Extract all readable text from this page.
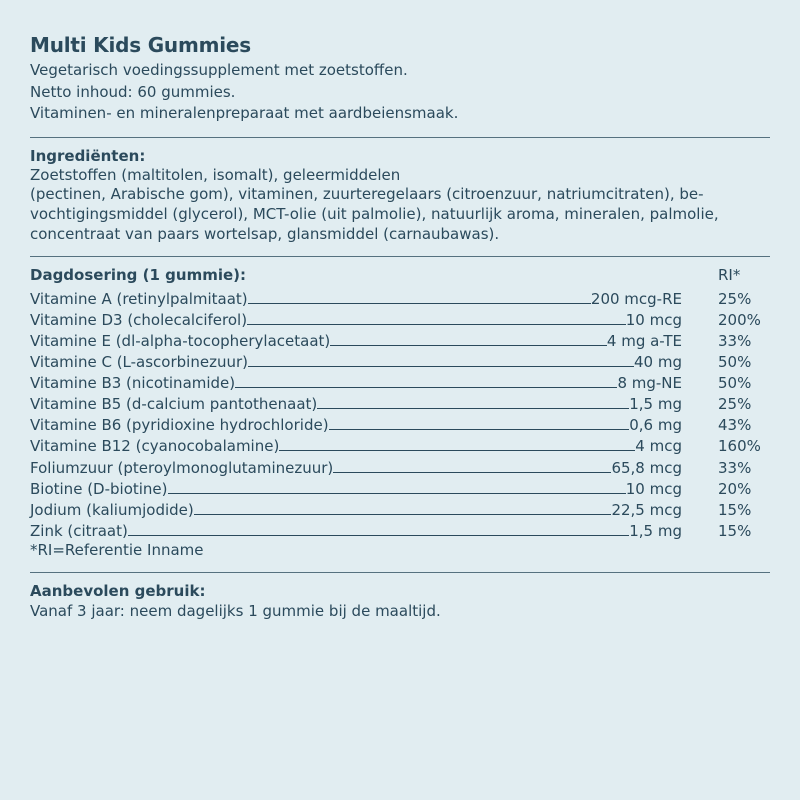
Multi Kids Gummies
Vegetarisch voedingssupplement met zoetstoffen.
Netto inhoud: 60 gummies.
Vitaminen- en mineralenpreparaat met aardbeiensmaak.
Ingrediënten:
Zoetstoffen (maltitolen, isomalt), geleermiddelen
(pectinen, Arabische gom), vitaminen, zuurteregelaars (citroenzuur, natriumcitraten), be-
vochtigingsmiddel (glycerol), MCT-olie (uit palmolie), natuurlijk aroma, mineralen, palmolie,
concentraat van paars wortelsap, glansmiddel (carnaubawas).
Dagdosering (1 gummie):	RI*
Vitamine A (retinylpalmitaat)	200 mcg-RE	25%
Vitamine D3 (cholecalciferol)	10 mcg	200%
Vitamine E (dl-alpha-tocopherylacetaat)	4 mg a-TE	33%
Vitamine C (L-ascorbinezuur)	40 mg	50%
Vitamine B3 (nicotinamide)	8 mg-NE	50%
Vitamine B5 (d-calcium pantothenaat)	1,5 mg	25%
Vitamine B6 (pyridioxine hydrochloride)	0,6 mg	43%
Vitamine B12 (cyanocobalamine)	4 mcg	160%
Foliumzuur (pteroylmonoglutaminezuur)	65,8 mcg	33%
Biotine (D-biotine)	10 mcg	20%
Jodium (kaliumjodide)	22,5 mcg	15%
Zink (citraat)	1,5 mg	15%
*RI=Referentie Inname
Aanbevolen gebruik:
Vanaf 3 jaar: neem dagelijks 1 gummie bij de maaltijd.
